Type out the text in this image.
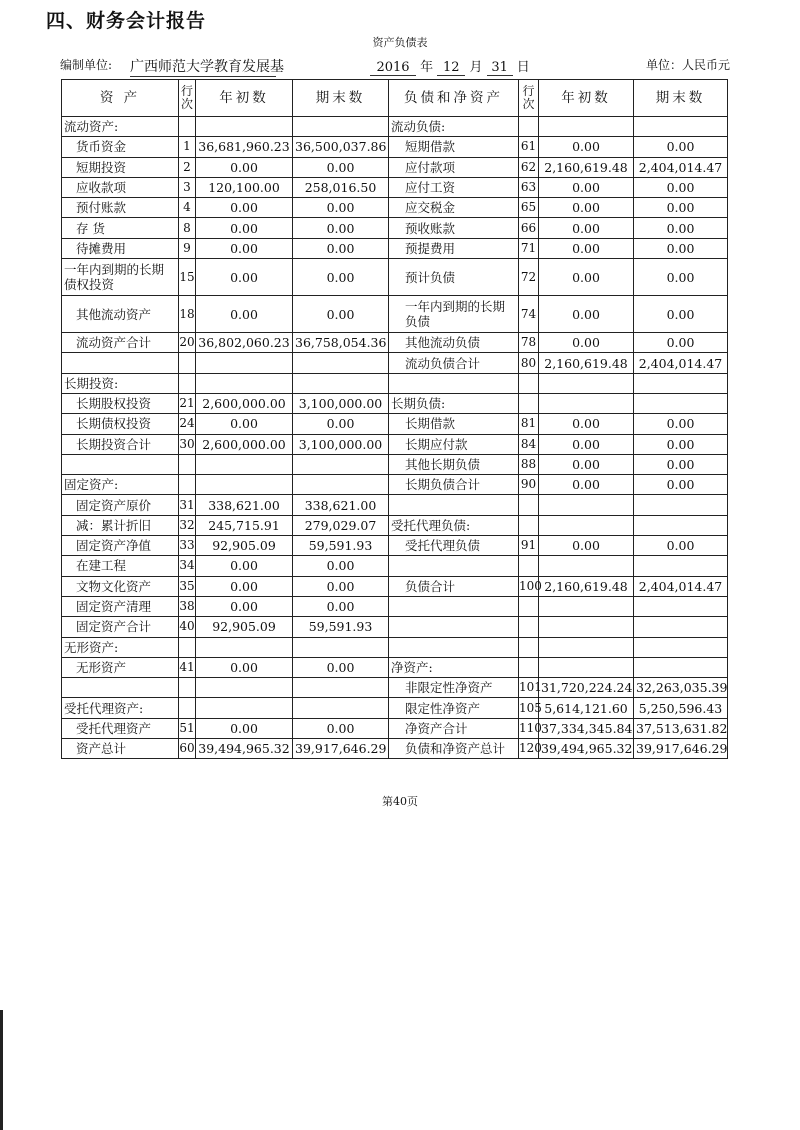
四、财务会计报告
资产负债表
编制单位: 广西师范大学教育发展基	2016 年 12 月 31 日	单位：人民币元
资 产	行次	年初数	期末数	负债和净资产	行次	年初数	期末数
流动资产:				流动负债:			
货币资金	1	36,681,960.23	36,500,037.86	短期借款	61	0.00	0.00
短期投资	2	0.00	0.00	应付款项	62	2,160,619.48	2,404,014.47
应收款项	3	120,100.00	258,016.50	应付工资	63	0.00	0.00
预付账款	4	0.00	0.00	应交税金	65	0.00	0.00
存 货	8	0.00	0.00	预收账款	66	0.00	0.00
待摊费用	9	0.00	0.00	预提费用	71	0.00	0.00
一年内到期的长期债权投资	15	0.00	0.00	预计负债	72	0.00	0.00
其他流动资产	18	0.00	0.00	一年内到期的长期负债	74	0.00	0.00
流动资产合计	20	36,802,060.23	36,758,054.36	其他流动负债	78	0.00	0.00
				流动负债合计	80	2,160,619.48	2,404,014.47
长期投资:							
长期股权投资	21	2,600,000.00	3,100,000.00	长期负债:			
长期债权投资	24	0.00	0.00	长期借款	81	0.00	0.00
长期投资合计	30	2,600,000.00	3,100,000.00	长期应付款	84	0.00	0.00
				其他长期负债	88	0.00	0.00
固定资产:				长期负债合计	90	0.00	0.00
固定资产原价	31	338,621.00	338,621.00				
减：累计折旧	32	245,715.91	279,029.07	受托代理负债:			
固定资产净值	33	92,905.09	59,591.93	受托代理负债	91	0.00	0.00
在建工程	34	0.00	0.00				
文物文化资产	35	0.00	0.00	负债合计	100	2,160,619.48	2,404,014.47
固定资产清理	38	0.00	0.00				
固定资产合计	40	92,905.09	59,591.93				
无形资产:							
无形资产	41	0.00	0.00	净资产:			
				非限定性净资产	101	31,720,224.24	32,263,035.39
受托代理资产:				限定性净资产	105	5,614,121.60	5,250,596.43
受托代理资产	51	0.00	0.00	净资产合计	110	37,334,345.84	37,513,631.82
资产总计	60	39,494,965.32	39,917,646.29	负债和净资产总计	120	39,494,965.32	39,917,646.29
第40页
